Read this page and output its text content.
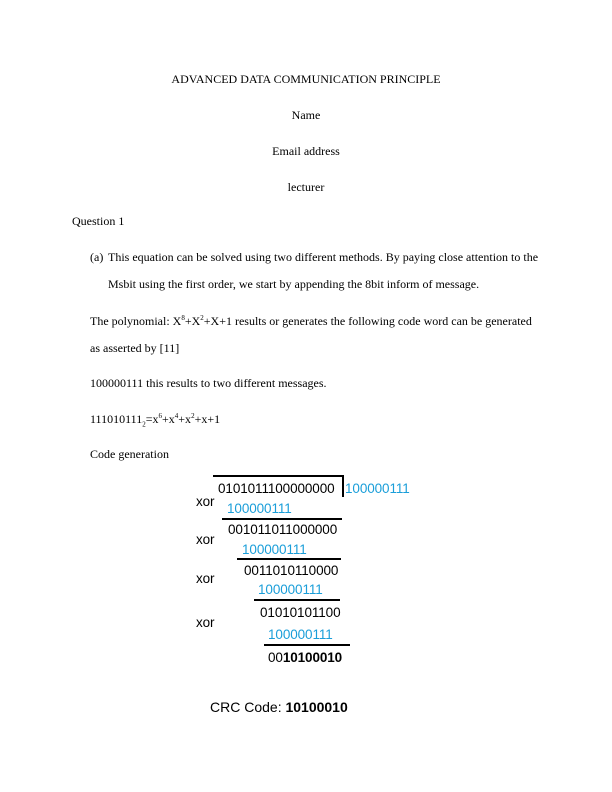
ADVANCED DATA COMMUNICATION PRINCIPLE
Name
Email address
lecturer
Question 1
(a) This equation can be solved using two different methods. By paying close attention to the
Msbit using the first order, we start by appending the 8bit inform of message.
The polynomial: $X^8+X^2+X+1$ results or generates the following code word can be generated
as asserted by [11]
100000111 this results to two different messages.
$111010111_2=x^6+x^4+x^2+x+1$
Code generation
0101011100000000 100000111
xor 100000111
001011011000000
xor
100000111
0011010110000
xor
100000111
01010101100
xor
100000111
0010100010
CRC Code: 10100010
